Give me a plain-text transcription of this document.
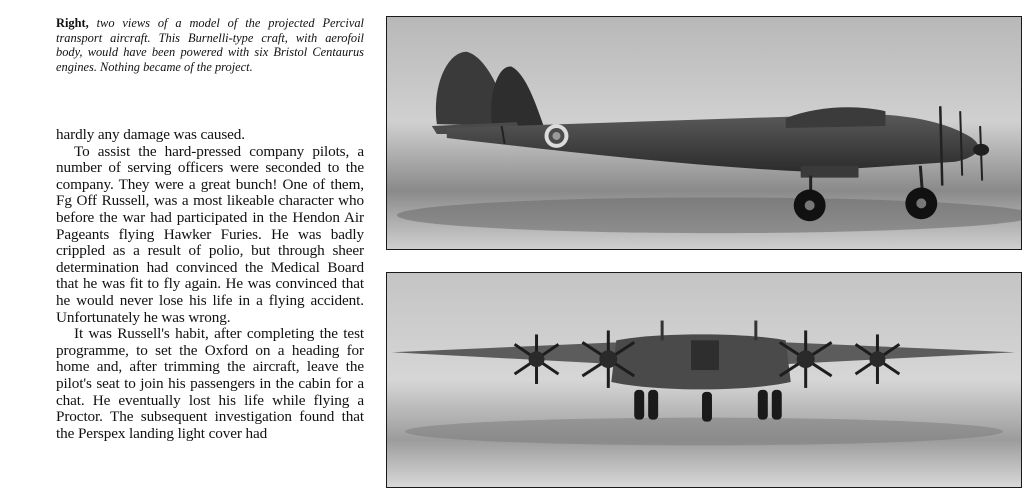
Right, two views of a model of the projected Percival transport aircraft. This Burnelli-type craft, with aerofoil body, would have been powered with six Bristol Centaurus engines. Nothing became of the project.

hardly any damage was caused.

To assist the hard-pressed company pilots, a number of serving officers were seconded to the company. They were a great bunch! One of them, Fg Off Russell, was a most likeable character who before the war had participated in the Hendon Air Pageants flying Hawker Furies. He was badly crippled as a result of polio, but through sheer determination had convinced the Medical Board that he was fit to fly again. He was convinced that he would never lose his life in a flying accident. Unfortunately he was wrong.

It was Russell's habit, after completing the test programme, to set the Oxford on a heading for home and, after trimming the aircraft, leave the pilot's seat to join his passengers in the cabin for a chat. He eventually lost his life while flying a Proctor. The subsequent investigation found that the Perspex landing light cover had
